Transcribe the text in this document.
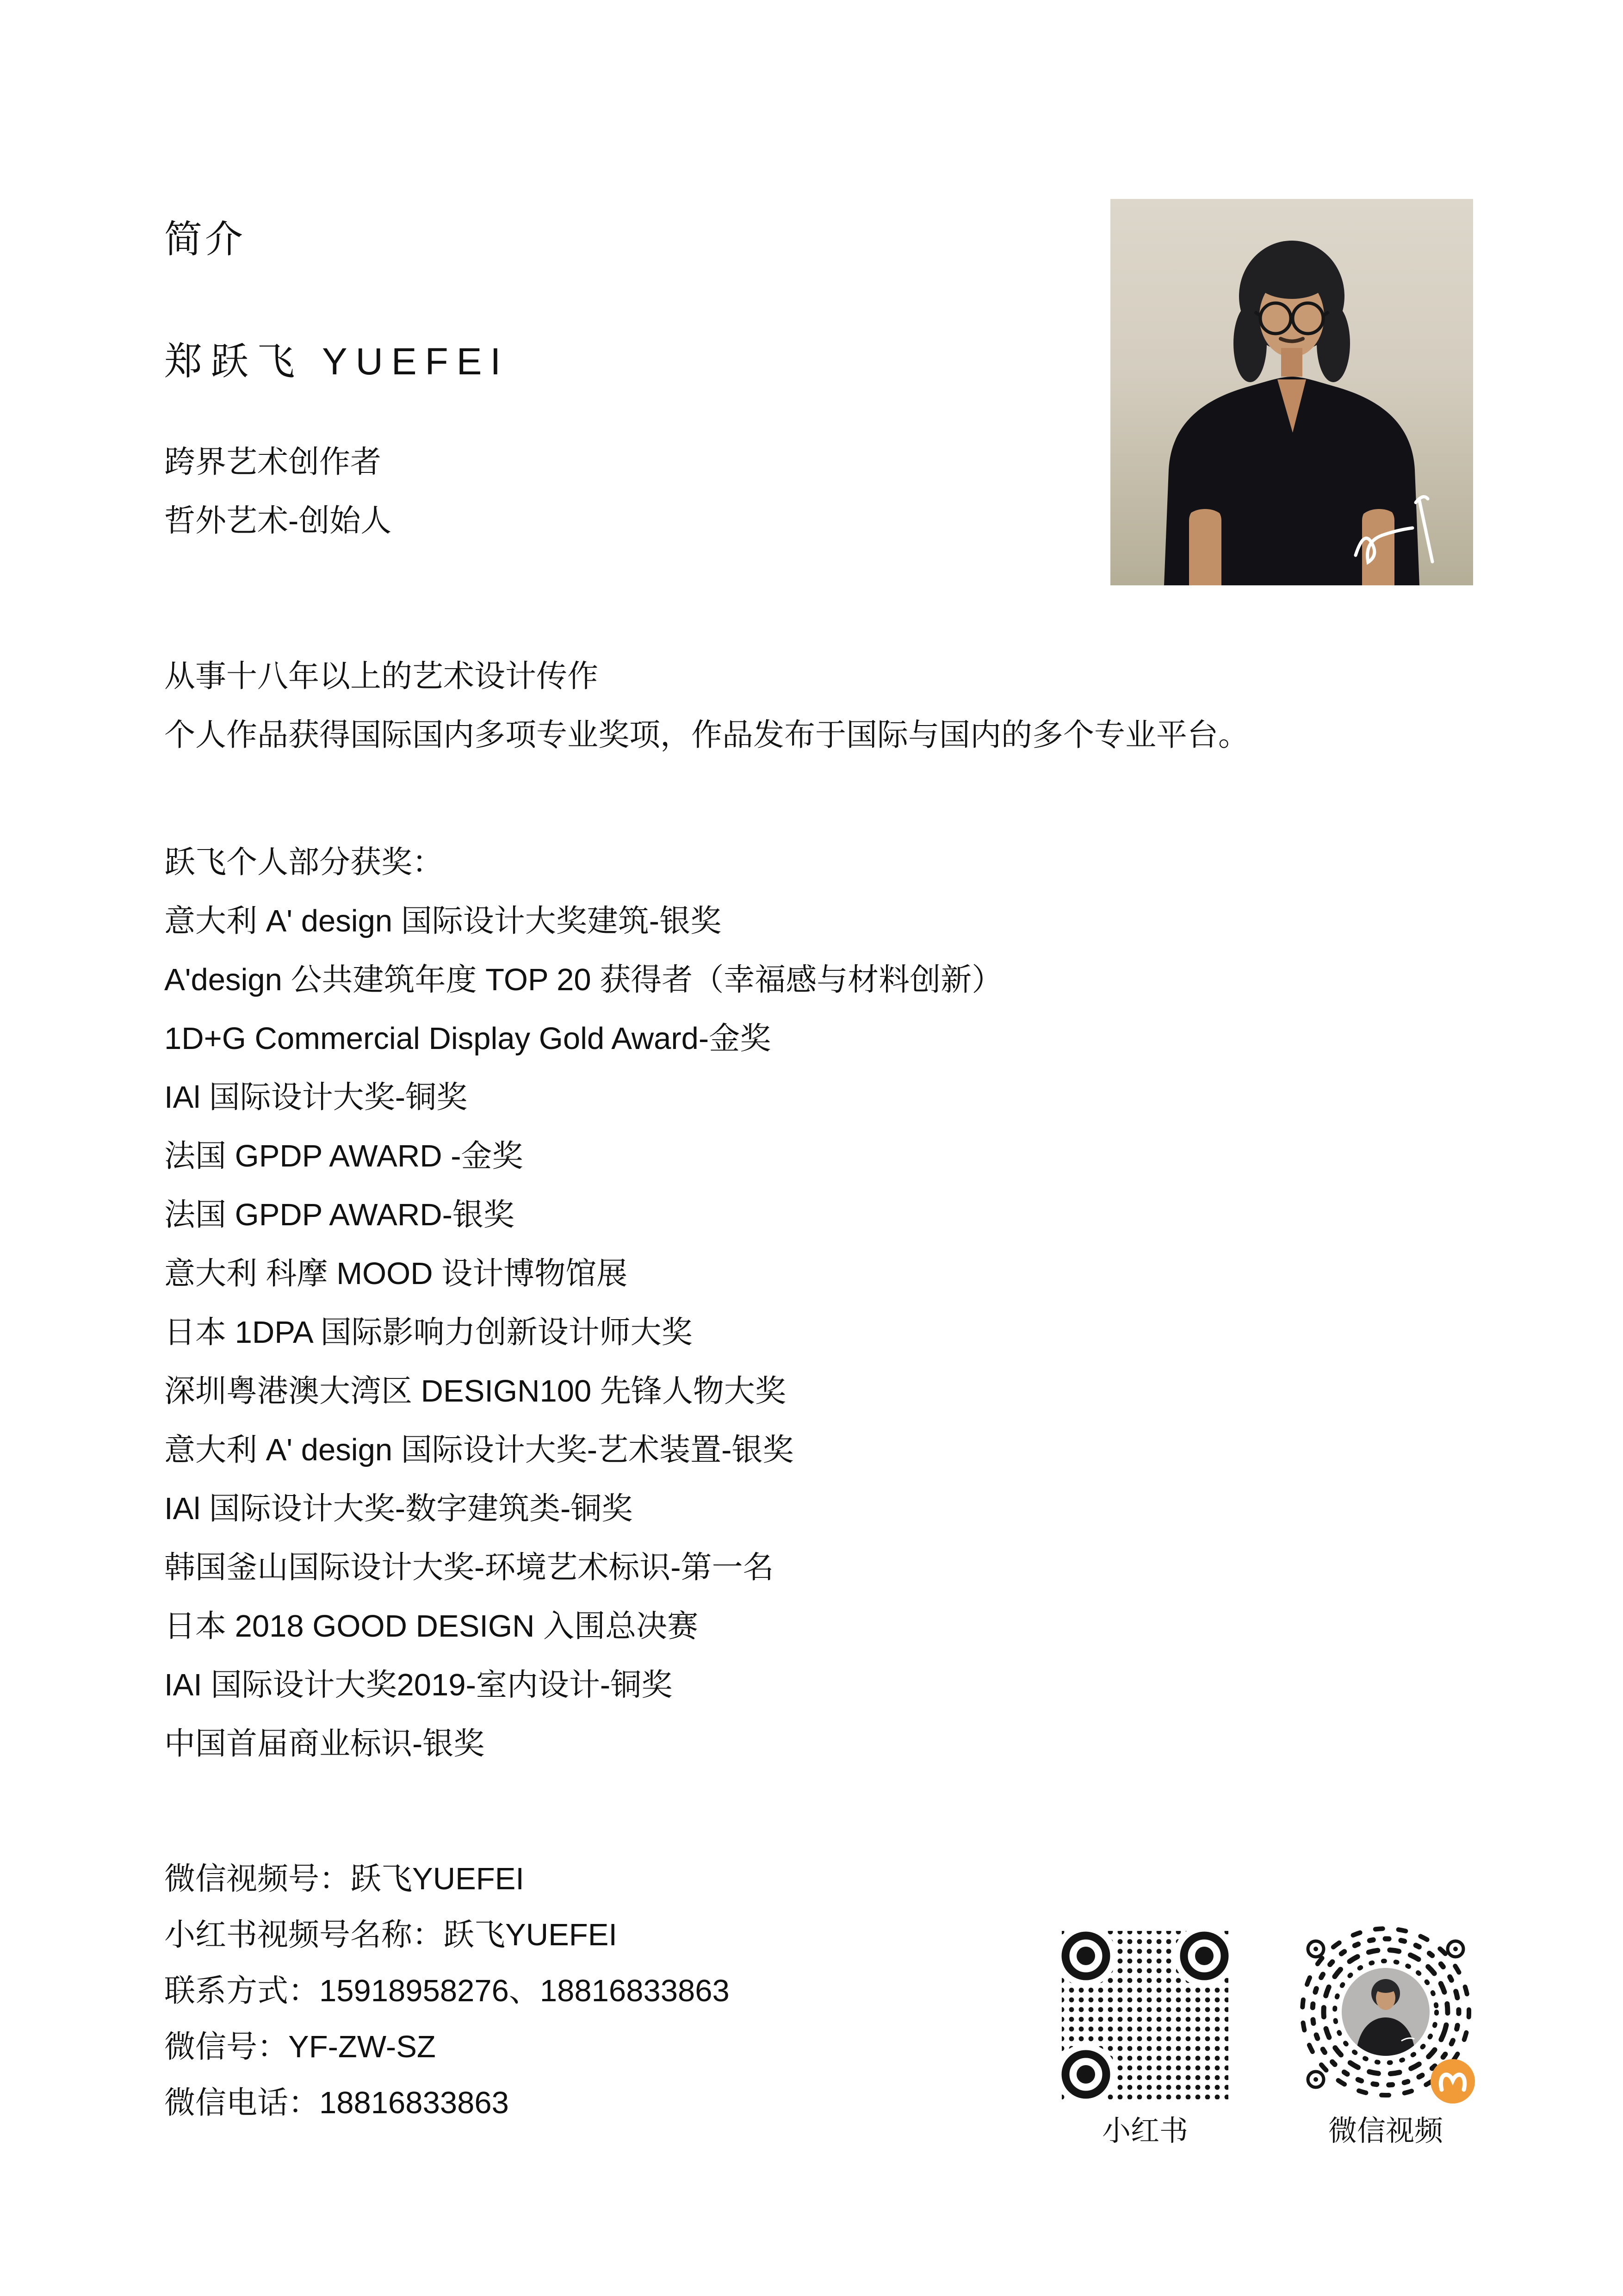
简介
郑跃飞 YUEFEI
跨界艺术创作者
哲外艺术-创始人
从事十八年以上的艺术设计传作
个人作品获得国际国内多项专业奖项，作品发布于国际与国内的多个专业平台。
跃飞个人部分获奖：
意大利 A' design 国际设计大奖建筑-银奖
A'design 公共建筑年度 TOP 20 获得者（幸福感与材料创新）
1D+G Commercial Display Gold Award-金奖
IAl 国际设计大奖-铜奖
法国 GPDP AWARD -金奖
法国 GPDP AWARD-银奖
意大利 科摩 MOOD 设计博物馆展
日本 1DPA 国际影响力创新设计师大奖
深圳粤港澳大湾区 DESIGN100 先锋人物大奖
意大利 A' design 国际设计大奖-艺术装置-银奖
IAl 国际设计大奖-数字建筑类-铜奖
韩国釜山国际设计大奖-环境艺术标识-第一名
日本 2018 GOOD DESIGN 入围总决赛
IAI 国际设计大奖2019-室内设计-铜奖
中国首届商业标识-银奖
微信视频号：跃飞YUEFEI
小红书视频号名称：跃飞YUEFEI
联系方式：15918958276、18816833863
微信号：YF-ZW-SZ
微信电话：18816833863
小红书	微信视频
